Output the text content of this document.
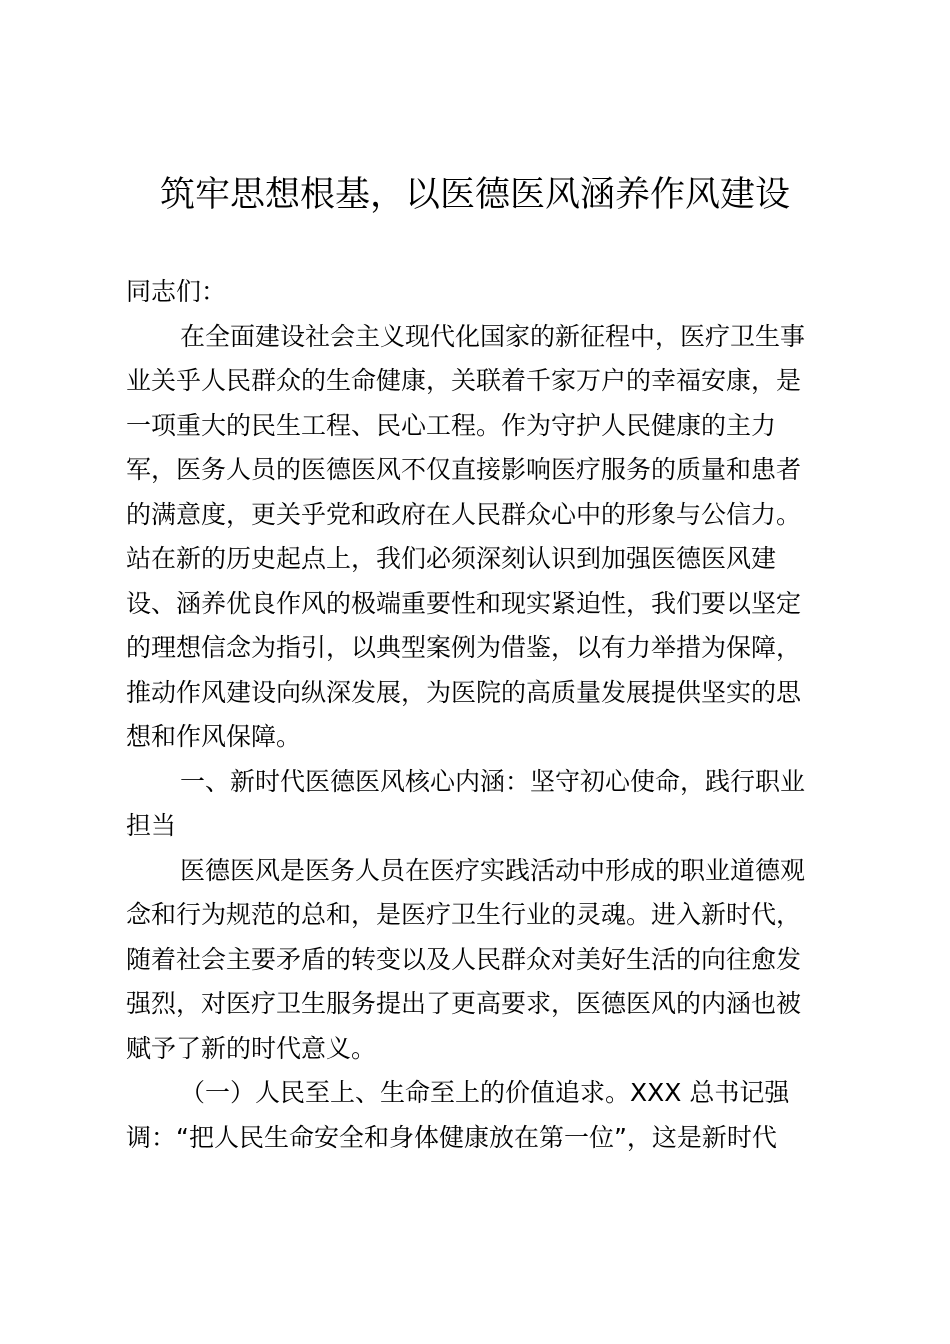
筑牢思想根基，以医德医风涵养作风建设
同志们：
在全面建设社会主义现代化国家的新征程中，医疗卫生事
业关乎人民群众的生命健康，关联着千家万户的幸福安康，是
一项重大的民生工程、民心工程。作为守护人民健康的主力
军，医务人员的医德医风不仅直接影响医疗服务的质量和患者
的满意度，更关乎党和政府在人民群众心中的形象与公信力。
站在新的历史起点上，我们必须深刻认识到加强医德医风建
设、涵养优良作风的极端重要性和现实紧迫性，我们要以坚定
的理想信念为指引，以典型案例为借鉴，以有力举措为保障，
推动作风建设向纵深发展，为医院的高质量发展提供坚实的思
想和作风保障。
一、新时代医德医风核心内涵：坚守初心使命，践行职业
担当
医德医风是医务人员在医疗实践活动中形成的职业道德观
念和行为规范的总和，是医疗卫生行业的灵魂。进入新时代，
随着社会主要矛盾的转变以及人民群众对美好生活的向往愈发
强烈，对医疗卫生服务提出了更高要求，医德医风的内涵也被
赋予了新的时代意义。
（一）人民至上、生命至上的价值追求。XXX 总书记强
调：“把人民生命安全和身体健康放在第一位”，这是新时代
